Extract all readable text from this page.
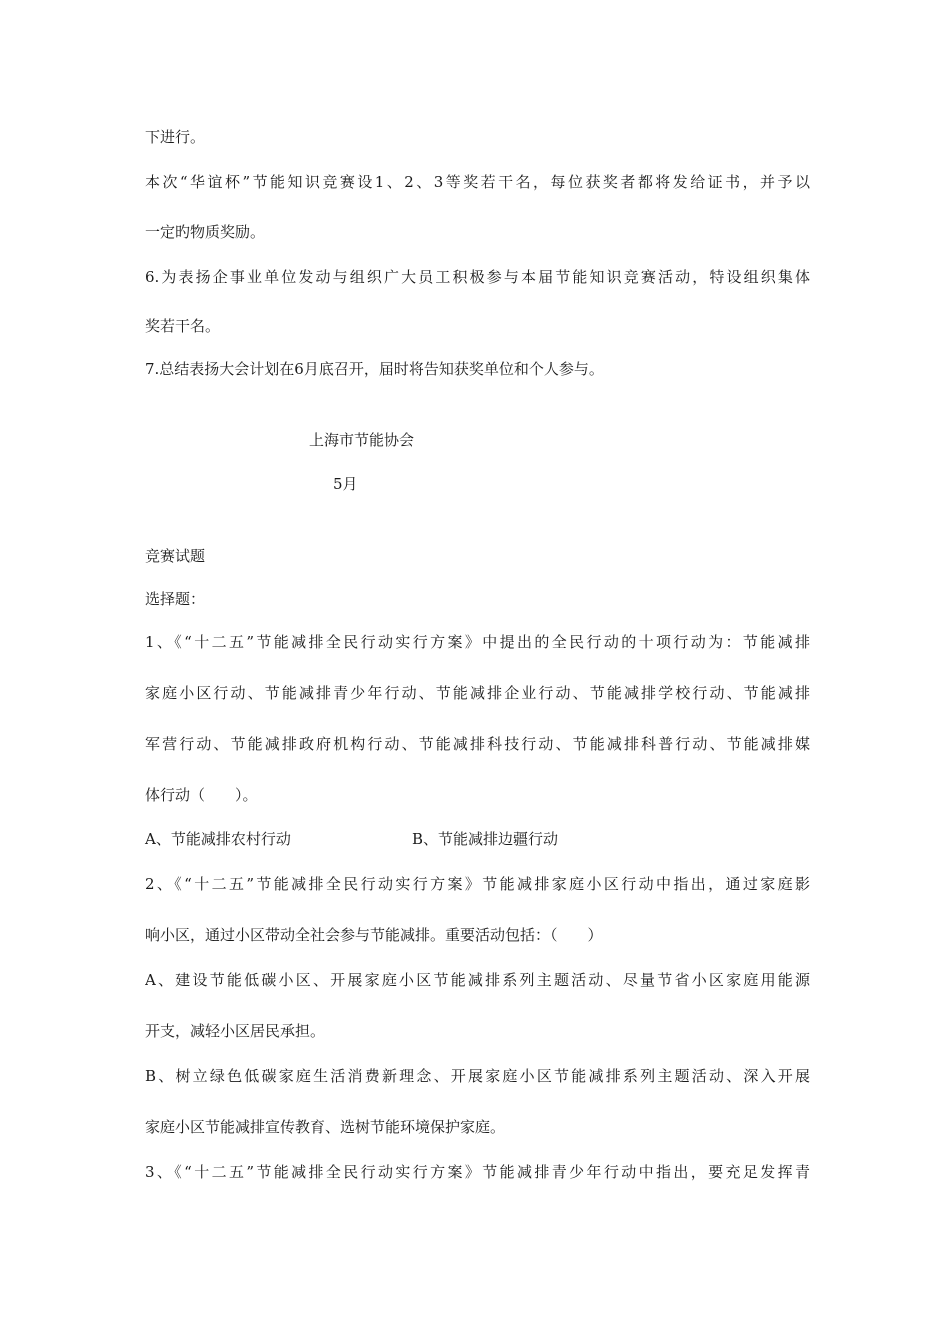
下进行。
本次“华谊杯”节能知识竞赛设1、2、3等奖若干名，每位获奖者都将发给证书，并予以
一定旳物质奖励。
6.为表扬企事业单位发动与组织广大员工积极参与本届节能知识竞赛活动，特设组织集体
奖若干名。
7.总结表扬大会计划在6月底召开，届时将告知获奖单位和个人参与。
上海市节能协会
5月
竞赛试题
选择题：
1、《“十二五”节能减排全民行动实行方案》中提出的全民行动的十项行动为：节能减排
家庭小区行动、节能减排青少年行动、节能减排企业行动、节能减排学校行动、节能减排
军营行动、节能减排政府机构行动、节能减排科技行动、节能减排科普行动、节能减排媒
体行动（　　）。
A、节能减排农村行动	B、节能减排边疆行动
2、《“十二五”节能减排全民行动实行方案》节能减排家庭小区行动中指出，通过家庭影
响小区，通过小区带动全社会参与节能减排。重要活动包括：（　　）
A、建设节能低碳小区、开展家庭小区节能减排系列主题活动、尽量节省小区家庭用能源
开支，减轻小区居民承担。
B、树立绿色低碳家庭生活消费新理念、开展家庭小区节能减排系列主题活动、深入开展
家庭小区节能减排宣传教育、选树节能环境保护家庭。
3、《“十二五”节能减排全民行动实行方案》节能减排青少年行动中指出，要充足发挥青
